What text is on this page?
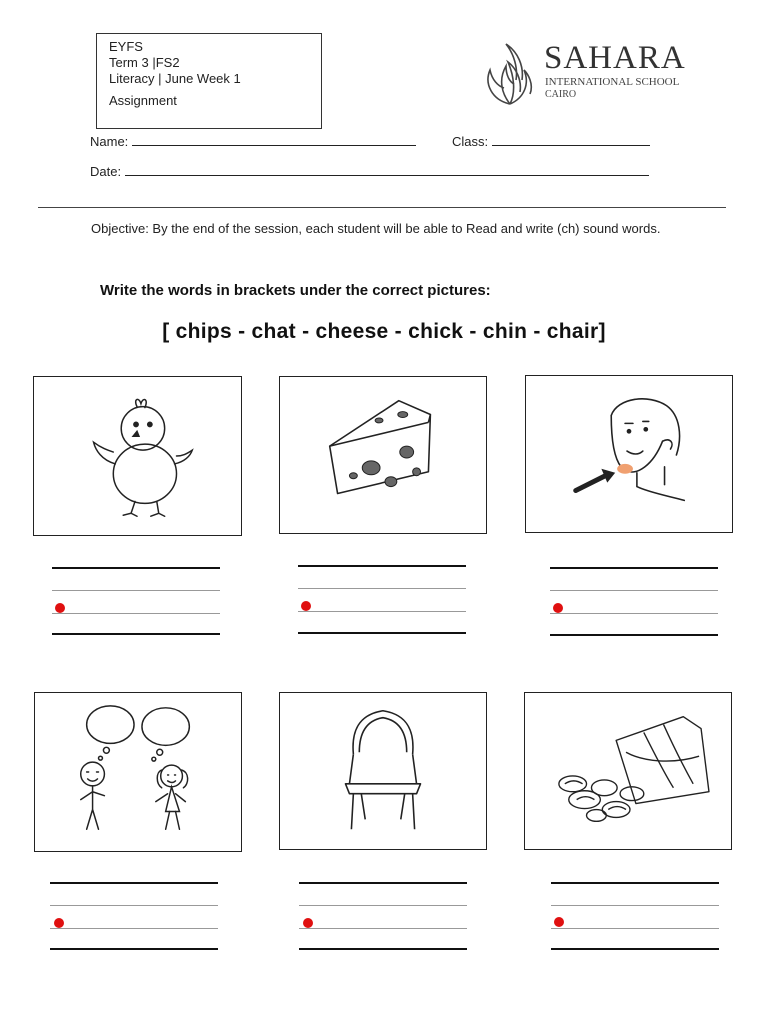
EYFS
Term 3 |FS2
Literacy | June Week 1
Assignment
SAHARA
INTERNATIONAL SCHOOL
CAIRO
Name:	Class:
Date:
Objective: By the end of the session, each student will be able to Read and write (ch) sound words.
Write the words in brackets under the correct pictures:
[ chips - chat - cheese - chick - chin - chair]
